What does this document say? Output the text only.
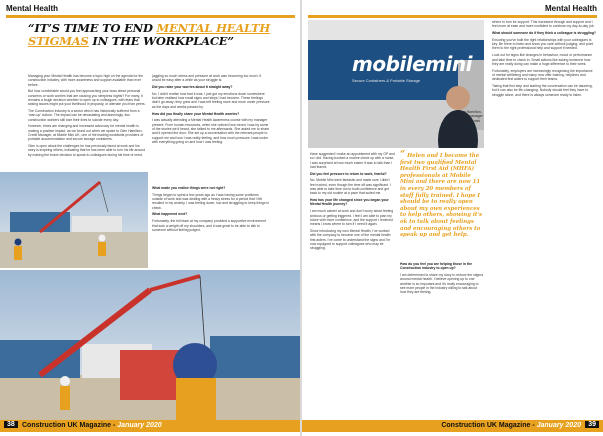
Mental Health
“IT’S TIME TO END MENTAL HEALTH STIGMAS IN THE WORKPLACE”

Managing your Mental Health has become a topic high on the agenda for the construction industry, with more awareness and support available than ever before.

But how comfortable would you feel approaching your boss about personal concerns or work worries that are causing you sleepless nights? For many, it remains a tough decision whether to open up to colleagues, with fears that raising issues might put your livelihood in jeopardy, or alienate you from peers.

The Construction industry is a sector which has historically suffered from a ‘man-up’ culture. The impact can be devastating and alarmingly, two construction workers still lose their lives to suicide every day.

However, times are changing and increased advocacy for mental health is making a positive impact, as we found out when we spoke to Glen Hamilton, Credit Manager, at Mobile Mini UK, one of the leading worldwide providers of portable accommodation and secure storage containers.

Glen is open about the challenges he has previously faced at work and his story is inspiring others, indicating that he has been able to turn his life around by making the brave decision to speak to colleagues during his time of need.

juggling so much stress and pressure at work was becoming too much. It would be easy after a while as your struggle is.

Did you raise your worries about it straight away?

No. I didn't realise how bad it was. I just got my emotions down somewhere but later realised how small signs and steps I had become. These feelings didn't go away; they grew and I was left feeling more and more under pressure as the days and weeks passed by.

How did you finally share your Mental Health worries?

I was actually attending a Mental Health Awareness course with my manager present. From human resources, when she noticed how mixed I was by some of the stories we'd heard, she talked to me afterwards. She asked me to share and it opened the door. She set up a conversation with the relevant people to support me and how I was really feeling, and how much pressure I was under with everything going on and how I was feeling.

What made you realise things were not right?

Things began to spiral a few years ago as I was having some problems outside of work and was dealing with a heavy stress for a period that I felt resulted in my anxiety. I was feeling down, low and struggling to keep things in check.

What happened next?

Fortunately, the full team at my company provided a supportive environment that took a weight off my shoulders, and it was great to be able to talk to someone without feeling judged.

38	Construction UK Magazine - January 2020
Mental Health
mobilemini
Secure Containers & Portable Storage
Glen Hamilton, Credit manager at mobile mini UK

Have suggested I make an appointment with my GP and so I did. Having booked a routine check up with a nurse, I was surprised at how much easier it was to talk than I had feared.

Did you feel pressure to return to work, fearful?

No. Mobile Mini were fantastic and made sure I didn't feel rushed, even though the time off was significant. I was able to take time out to build confidence and get back to my old routine at a pace that suited me.

How has your life changed since you began your Mental Health journey?

I am much calmer at work and don't worry about feeling anxious or getting triggered. I feel I am able to plan my future with more confidence, and the support I received means I know where to turn if I need it again.

Since introducing my own Mental Health, I've worked with the company to become one of the mental health first aiders. I've come to understand the signs and I'm now equipped to support colleagues who may be struggling.

“ Helen and I became the first two qualified Mental Health First Aid (MHFA) professionals at Mobile Mini and there are now 11 in every 20 members of staff fully trained. I hope I should be to really open about my own experiences to help others, showing it's ok to talk about feelings and encouraging others to speak up and get help.

How do you feel you are helping those in the Construction industry to open up?

I am determined to share my story to reduce the stigma around mental health. I believe opening up to one another is so important and it's really encouraging to see more people in the industry willing to talk about how they are feeling.

where to turn for support. This increased through and support and I feel more at ease and more confident to continue my day-to-day job.

What should someone do if they think a colleague is struggling?

Ensuring you've built the right relationships with your colleagues is key. Be there to listen and show you care without judging, and point them to the right professional help and support if needed.

Look out for signs like changes in behaviour, mood or performance and take time to check in. Small actions like asking someone how they are really doing can make a huge difference to their week.

Fortunately, employers are increasingly recognising the importance of mental wellbeing and many now offer training, helplines and dedicated first aiders to support their teams.

Taking that first step and starting the conversation can be daunting, but it can also be life-changing. Nobody should feel they have to struggle alone, and there is always someone ready to listen.

Construction UK Magazine - January 2020	39
